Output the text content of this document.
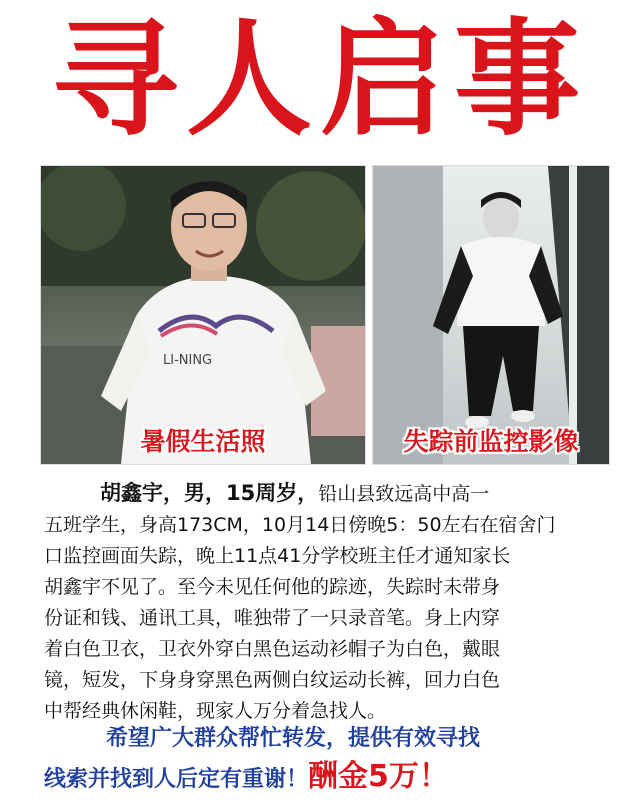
寻人启事
LI-NING
暑假生活照	失踪前监控影像
胡鑫宇，男，15周岁，铅山县致远高中高一
五班学生，身高173CM，10月14日傍晚5：50左右在宿舍门
口监控画面失踪，晚上11点41分学校班主任才通知家长
胡鑫宇不见了。至今未见任何他的踪迹，失踪时未带身
份证和钱、通讯工具，唯独带了一只录音笔。身上内穿
着白色卫衣，卫衣外穿白黑色运动衫帽子为白色，戴眼
镜，短发，下身身穿黑色两侧白纹运动长裤，回力白色
中帮经典休闲鞋，现家人万分着急找人。
希望广大群众帮忙转发，提供有效寻找
线索并找到人后定有重谢！酬金5万！
